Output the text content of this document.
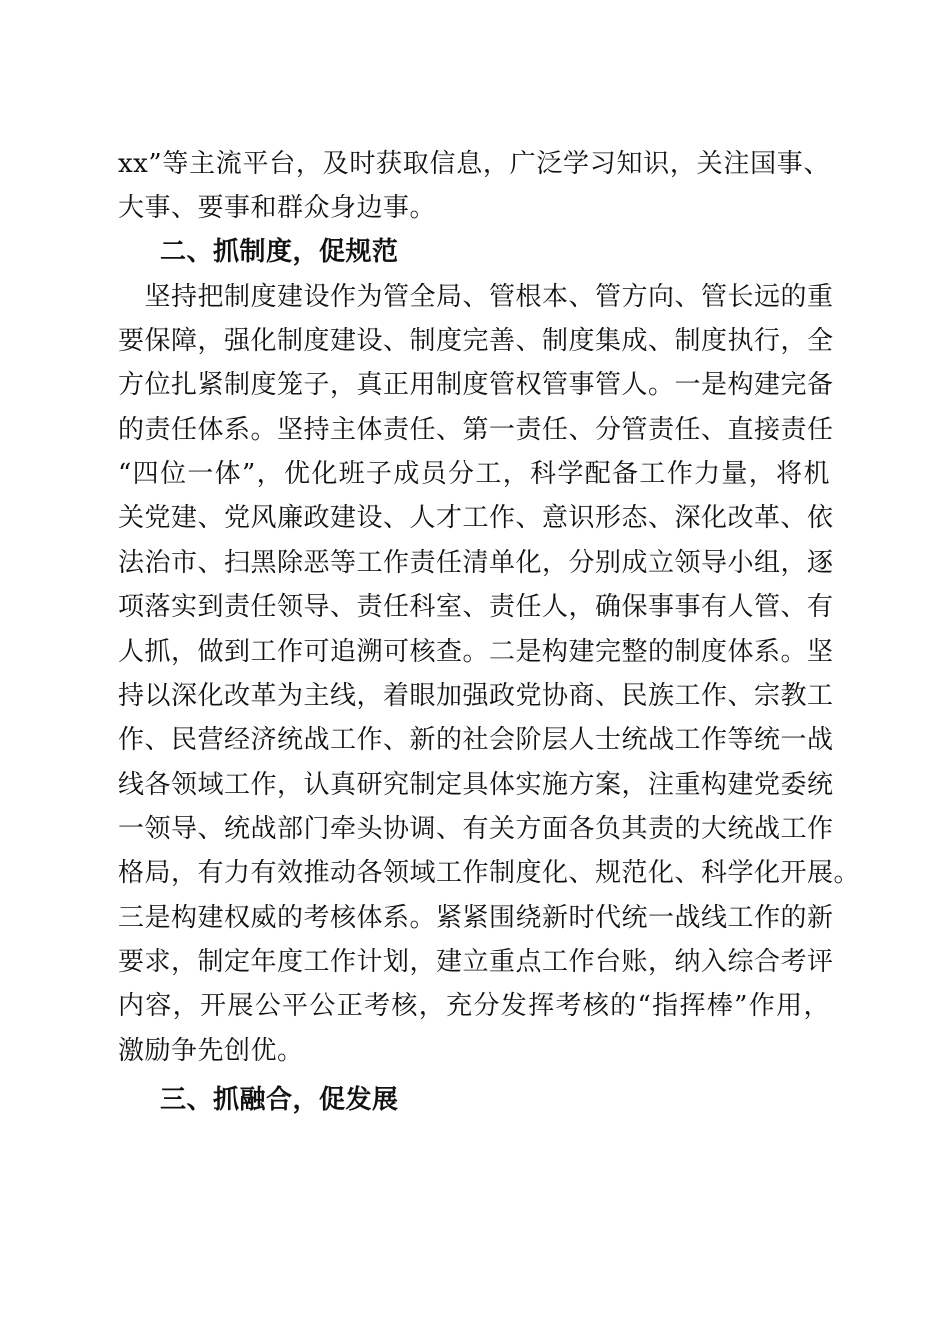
xx”等主流平台，及时获取信息，广泛学习知识，关注国事、
大事、要事和群众身边事。
二、抓制度，促规范
　坚持把制度建设作为管全局、管根本、管方向、管长远的重
要保障，强化制度建设、制度完善、制度集成、制度执行，全
方位扎紧制度笼子，真正用制度管权管事管人。一是构建完备
的责任体系。坚持主体责任、第一责任、分管责任、直接责任
“四位一体”，优化班子成员分工，科学配备工作力量，将机
关党建、党风廉政建设、人才工作、意识形态、深化改革、依
法治市、扫黑除恶等工作责任清单化，分别成立领导小组，逐
项落实到责任领导、责任科室、责任人，确保事事有人管、有
人抓，做到工作可追溯可核查。二是构建完整的制度体系。坚
持以深化改革为主线，着眼加强政党协商、民族工作、宗教工
作、民营经济统战工作、新的社会阶层人士统战工作等统一战
线各领域工作，认真研究制定具体实施方案，注重构建党委统
一领导、统战部门牵头协调、有关方面各负其责的大统战工作
格局，有力有效推动各领域工作制度化、规范化、科学化开展。
三是构建权威的考核体系。紧紧围绕新时代统一战线工作的新
要求，制定年度工作计划，建立重点工作台账，纳入综合考评
内容，开展公平公正考核，充分发挥考核的“指挥棒”作用，
激励争先创优。
三、抓融合，促发展
